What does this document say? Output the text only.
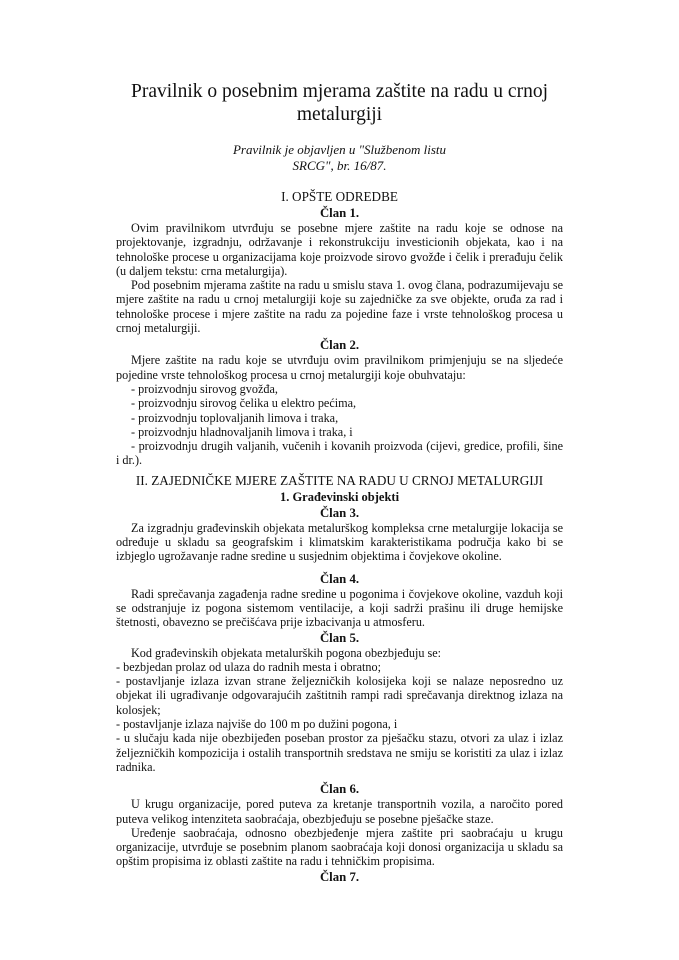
Pravilnik o posebnim mjerama zaštite na radu u crnoj metalurgiji
Pravilnik je objavljen u "Službenom listu
SRCG", br. 16/87.
I. OPŠTE ODREDBE
Član 1.

Ovim pravilnikom utvrđuju se posebne mjere zaštite na radu koje se odnose na projektovanje, izgradnju, održavanje i rekonstrukciju investicionih objekata, kao i na tehnološke procese u organizacijama koje proizvode sirovo gvožđe i čelik i prerađuju čelik (u daljem tekstu: crna metalurgija).

Pod posebnim mjerama zaštite na radu u smislu stava 1. ovog člana, podrazumijevaju se mjere zaštite na radu u crnoj metalurgiji koje su zajedničke za sve objekte, oruđa za rad i tehnološke procese i mjere zaštite na radu za pojedine faze i vrste tehnološkog procesa u crnoj metalurgiji.

Član 2.

Mjere zaštite na radu koje se utvrđuju ovim pravilnikom primjenjuju se na sljedeće pojedine vrste tehnološkog procesa u crnoj metalurgiji koje obuhvataju:

- proizvodnju sirovog gvožđa,
- proizvodnju sirovog čelika u elektro pećima,
- proizvodnju toplovaljanih limova i traka,
- proizvodnju hladnovaljanih limova i traka, i
- proizvodnju drugih valjanih, vučenih i kovanih proizvoda (cijevi, gredice, profili, šine i dr.).
II. ZAJEDNIČKE MJERE ZAŠTITE NA RADU U CRNOJ METALURGIJI
1. Građevinski objekti
Član 3.

Za izgradnju građevinskih objekata metalurškog kompleksa crne metalurgije lokacija se određuje u skladu sa geografskim i klimatskim karakteristikama područja kako bi se izbjeglo ugrožavanje radne sredine u susjednim objektima i čovjekove okoline.

Član 4.

Radi sprečavanja zagađenja radne sredine u pogonima i čovjekove okoline, vazduh koji se odstranjuje iz pogona sistemom ventilacije, a koji sadrži prašinu ili druge hemijske štetnosti, obavezno se prečišćava prije izbacivanja u atmosferu.

Član 5.

Kod građevinskih objekata metalurških pogona obezbjeđuju se:

- bezbjedan prolaz od ulaza do radnih mesta i obratno;
- postavljanje izlaza izvan strane željezničkih kolosijeka koji se nalaze neposredno uz objekat ili ugrađivanje odgovarajućih zaštitnih rampi radi sprečavanja direktnog izlaza na kolosjek;
- postavljanje izlaza najviše do 100 m po dužini pogona, i
- u slučaju kada nije obezbijeđen poseban prostor za pješačku stazu, otvori za ulaz i izlaz željezničkih kompozicija i ostalih transportnih sredstava ne smiju se koristiti za ulaz i izlaz radnika.
Član 6.

U krugu organizacije, pored puteva za kretanje transportnih vozila, a naročito pored puteva velikog intenziteta saobraćaja, obezbjeđuju se posebne pješačke staze.

Uređenje saobraćaja, odnosno obezbjeđenje mjera zaštite pri saobraćaju u krugu organizacije, utvrđuje se posebnim planom saobraćaja koji donosi organizacija u skladu sa opštim propisima iz oblasti zaštite na radu i tehničkim propisima.

Član 7.
